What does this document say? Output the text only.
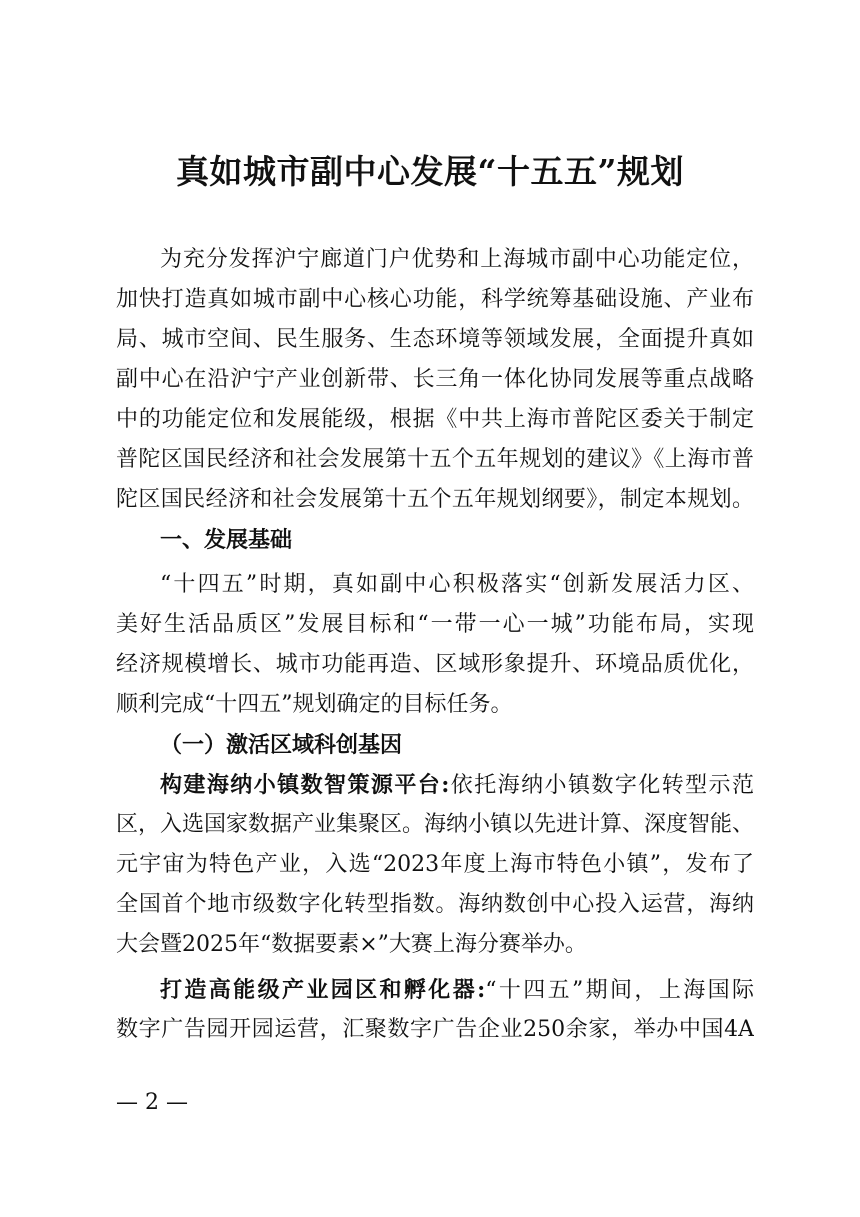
真如城市副中心发展“十五五”规划
为充分发挥沪宁廊道门户优势和上海城市副中心功能定位，
加快打造真如城市副中心核心功能，科学统筹基础设施、产业布
局、城市空间、民生服务、生态环境等领域发展，全面提升真如
副中心在沿沪宁产业创新带、长三角一体化协同发展等重点战略
中的功能定位和发展能级，根据《中共上海市普陀区委关于制定
普陀区国民经济和社会发展第十五个五年规划的建议》《上海市普
陀区国民经济和社会发展第十五个五年规划纲要》，制定本规划。
一、发展基础
“十四五”时期，真如副中心积极落实“创新发展活力区、
美好生活品质区”发展目标和“一带一心一城”功能布局，实现
经济规模增长、城市功能再造、区域形象提升、环境品质优化，
顺利完成“十四五”规划确定的目标任务。
（一）激活区域科创基因
构建海纳小镇数智策源平台:依托海纳小镇数字化转型示范
区，入选国家数据产业集聚区。海纳小镇以先进计算、深度智能、
元宇宙为特色产业，入选“2023年度上海市特色小镇”，发布了
全国首个地市级数字化转型指数。海纳数创中心投入运营，海纳
大会暨2025年“数据要素×”大赛上海分赛举办。
打造高能级产业园区和孵化器:“十四五”期间，上海国际
数字广告园开园运营，汇聚数字广告企业250余家，举办中国4A
— 2 —
